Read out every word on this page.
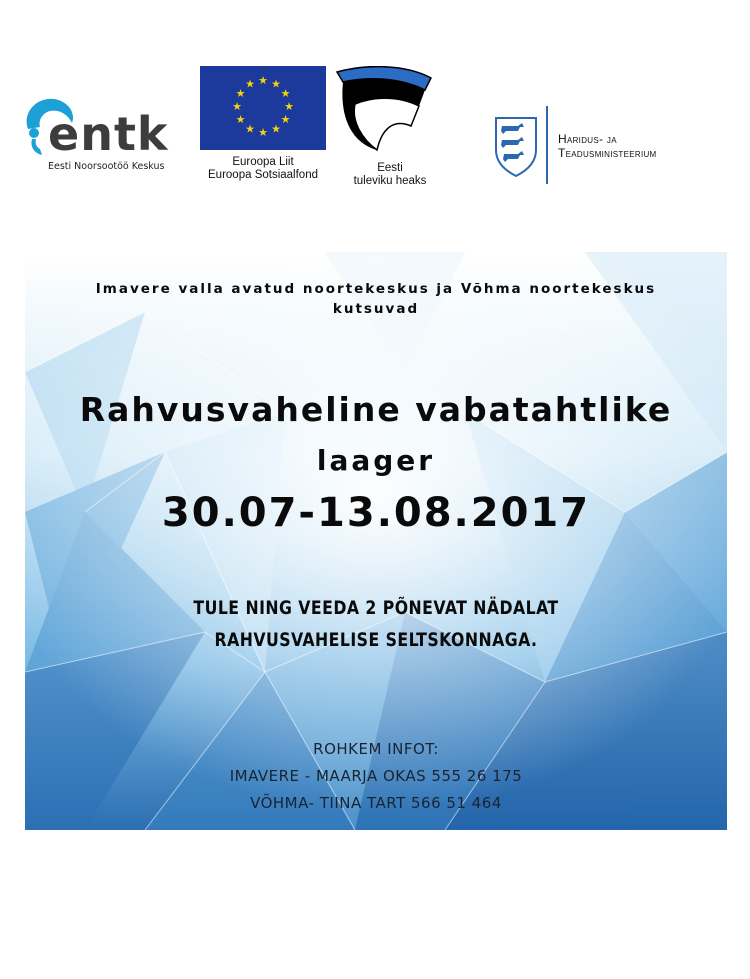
entk
Eesti Noorsootöö Keskus
★ ★
★
★
★
★
★
★
★
★
★
★
Euroopa Liit
Euroopa Sotsiaalfond
Eesti
tuleviku heaks
Haridus- ja
Teadusministeerium
Imavere valla avatud noortekeskus ja Võhma noortekeskus
kutsuvad
Rahvusvaheline vabatahtlike
laager
30.07-13.08.2017
TULE NING VEEDA 2 PÕNEVAT NÄDALAT
RAHVUSVAHELISE SELTSKONNAGA.
ROHKEM INFOT:
IMAVERE - MAARJA OKAS 555 26 175
VÕHMA- TIINA TART 566 51 464
